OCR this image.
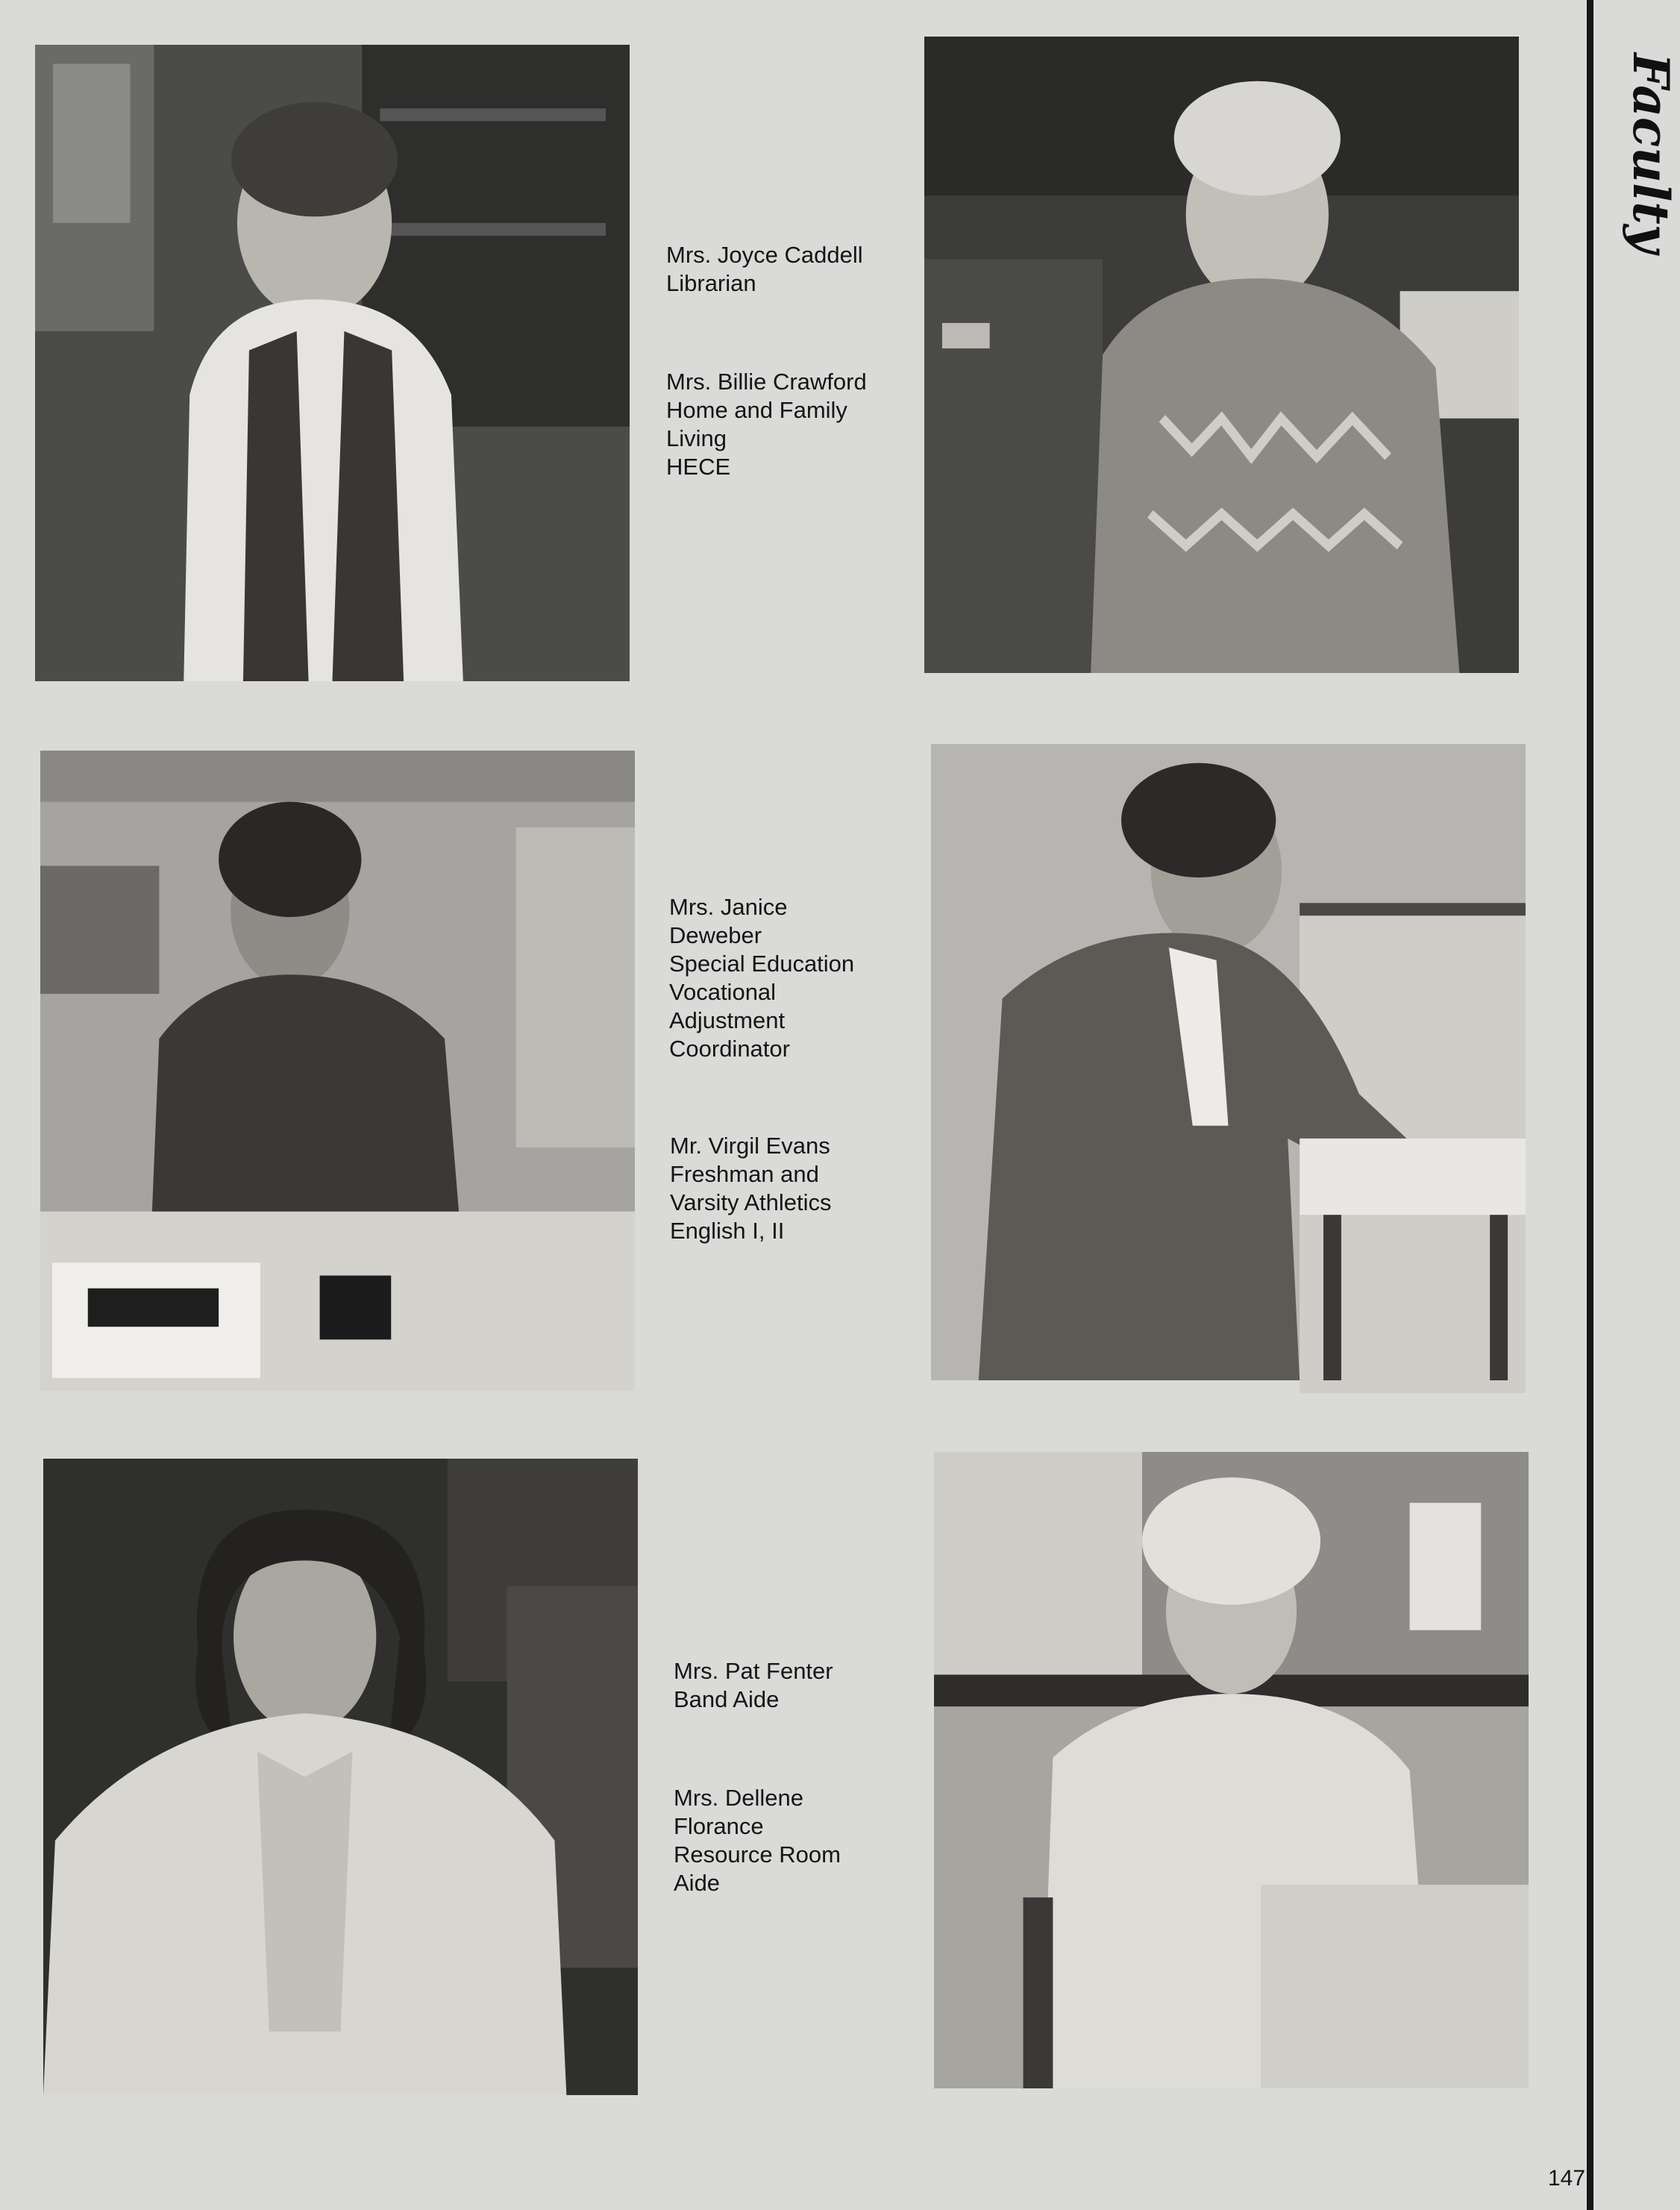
Mrs. Joyce Caddell
Librarian

Mrs. Billie Crawford
Home and Family
Living
HECE

Mrs. Janice
Deweber
Special Education
Vocational
Adjustment
Coordinator

Mr. Virgil Evans
Freshman and
Varsity Athletics
English I, II

Mrs. Pat Fenter
Band Aide

Mrs. Dellene
Florance
Resource Room
Aide

Faculty
147
